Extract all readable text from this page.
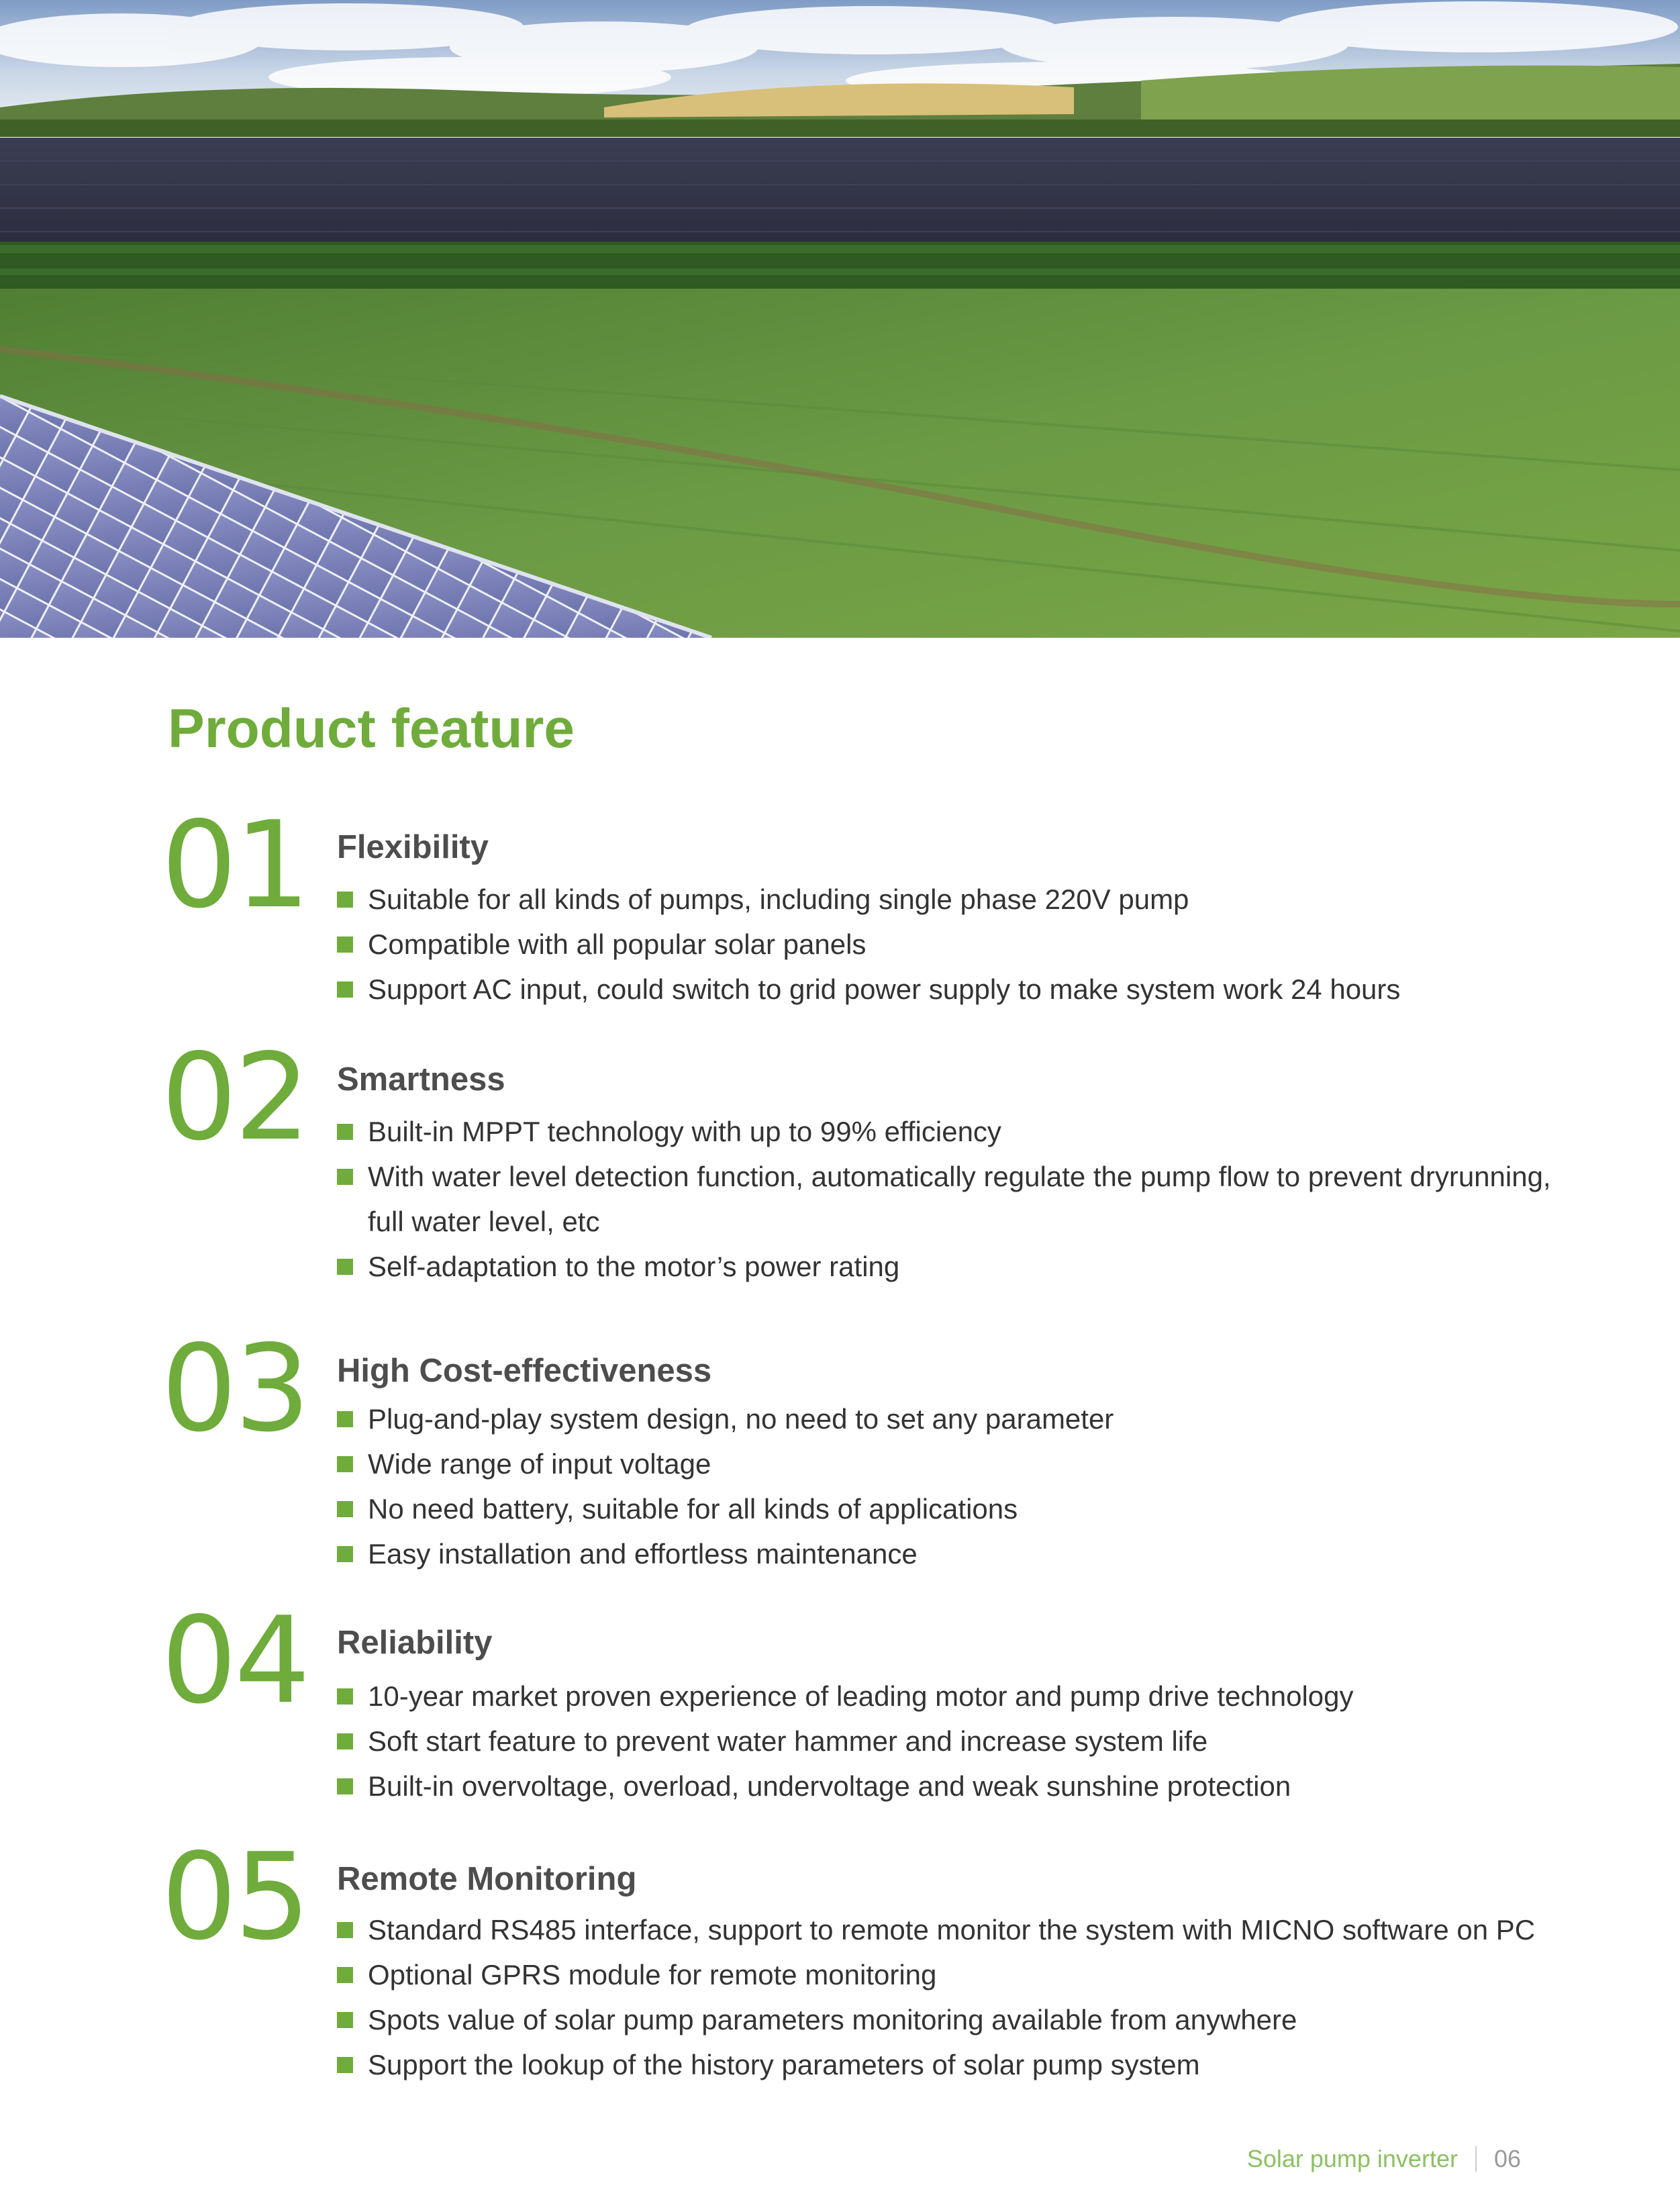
Product feature
01 Flexibility
Suitable for all kinds of pumps, including single phase 220V pump
Compatible with all popular solar panels
Support AC input, could switch to grid power supply to make system work 24 hours
02 Smartness
Built-in MPPT technology with up to 99% efficiency
With water level detection function, automatically regulate the pump flow to prevent dryrunning, full water level, etc
Self-adaptation to the motor’s power rating
03 High Cost-effectiveness
Plug-and-play system design, no need to set any parameter
Wide range of input voltage
No need battery, suitable for all kinds of applications
Easy installation and effortless maintenance
04 Reliability
10-year market proven experience of leading motor and pump drive technology
Soft start feature to prevent water hammer and increase system life
Built-in overvoltage, overload, undervoltage and weak sunshine protection
05 Remote Monitoring
Standard RS485 interface, support to remote monitor the system with MICNO software on PC
Optional GPRS module for remote monitoring
Spots value of solar pump parameters monitoring available from anywhere
Support the lookup of the history parameters of solar pump system
Solar pump inverter 06
